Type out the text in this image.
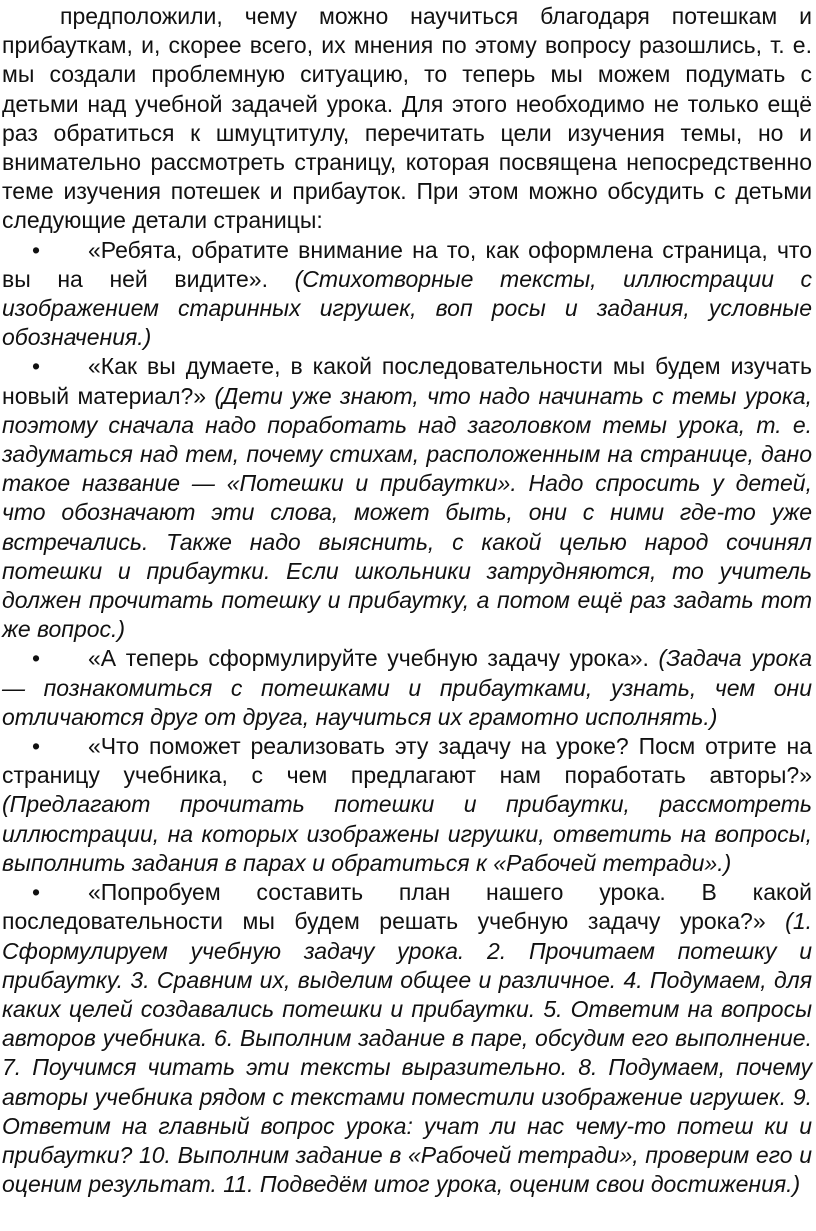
предположили, чему можно научиться благодаря потешкам и прибауткам, и, скорее всего, их мнения по этому вопросу разошлись, т. е. мы создали проблемную ситуацию, то теперь мы можем подумать с детьми над учебной задачей урока. Для этого необходимо не только ещё раз обратиться к шмуцтитулу, перечитать цели изучения темы, но и внимательно рассмотреть страницу, которая посвящена непосредственно теме изучения потешек и прибауток. При этом можно обсудить с детьми следующие детали страницы:

• «Ребята, обратите внимание на то, как оформлена страница, что вы на ней видите». (Стихотворные тексты, иллюстрации с изображением старинных игрушек, воп росы и задания, условные обозначения.)

• «Как вы думаете, в какой последовательности мы будем изучать новый материал?» (Дети уже знают, что надо начинать с темы урока, поэтому сначала надо поработать над заголовком темы урока, т. е. задуматься над тем, почему стихам, расположенным на странице, дано такое название — «Потешки и прибаутки». Надо спросить у детей, что обозначают эти слова, может быть, они с ними где-то уже встречались. Также надо выяснить, с какой целью народ сочинял потешки и прибаутки. Если школьники затрудняются, то учитель должен прочитать потешку и прибаутку, а потом ещё раз задать тот же вопрос.)

• «А теперь сформулируйте учебную задачу урока». (Задача урока — познакомиться с потешками и прибаутками, узнать, чем они отличаются друг от друга, научиться их грамотно исполнять.)

• «Что поможет реализовать эту задачу на уроке? Посм отрите на страницу учебника, с чем предлагают нам поработать авторы?» (Предлагают прочитать потешки и прибаутки, рассмотреть иллюстрации, на которых изображены игрушки, ответить на вопросы, выполнить задания в парах и обратиться к «Рабочей тетради».)

• «Попробуем составить план нашего урока. В какой последовательности мы будем решать учебную задачу урока?» (1. Сформулируем учебную задачу урока. 2. Прочитаем потешку и прибаутку. 3. Сравним их, выделим общее и различное. 4. Подумаем, для каких целей создавались потешки и прибаутки. 5. Ответим на вопросы авторов учебника. 6. Выполним задание в паре, обсудим его выполнение. 7. Поучимся читать эти тексты выразительно. 8. Подумаем, почему авторы учебника рядом с текстами поместили изображение игрушек. 9. Ответим на главный вопрос урока: учат ли нас чему-то потеш ки и прибаутки? 10. Выполним задание в «Рабочей тетради», проверим его и оценим результат. 11. Подведём итог урока, оценим свои достижения.)
